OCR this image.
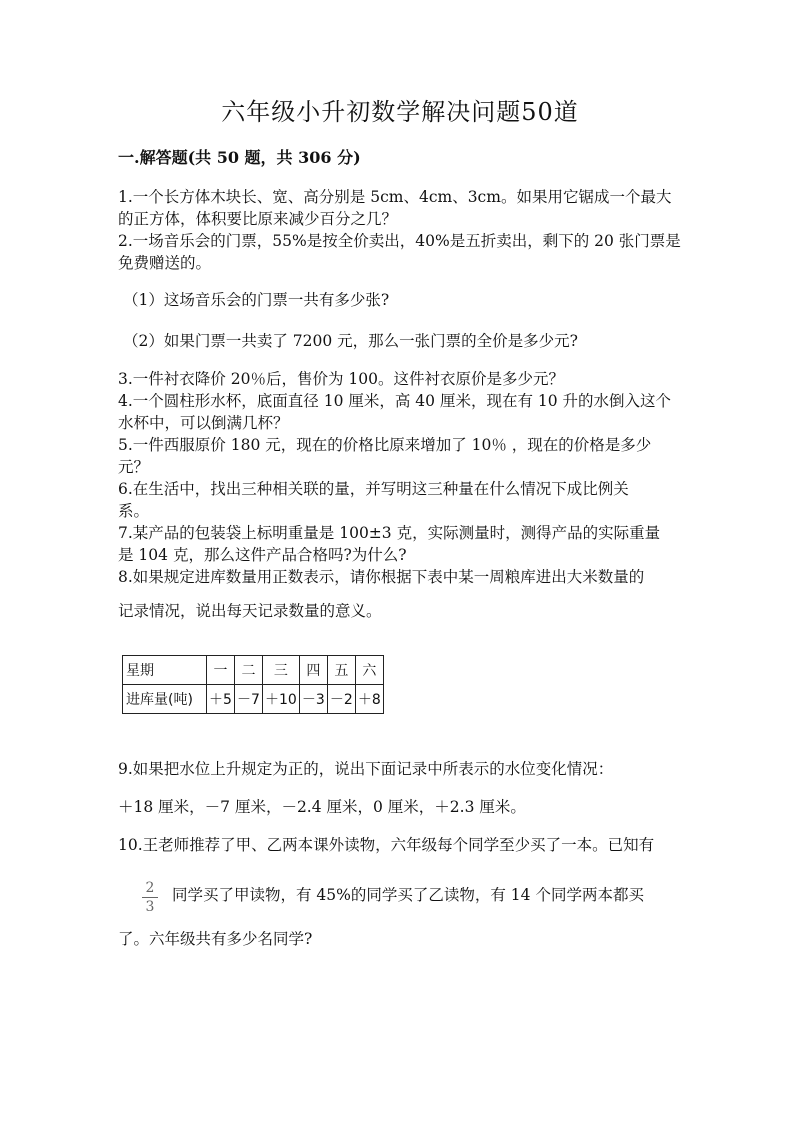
六年级小升初数学解决问题50道
一.解答题(共 50 题，共 306 分)
1.一个长方体木块长、宽、高分别是 5cm、4cm、3cm。如果用它锯成一个最大
的正方体，体积要比原来减少百分之几？
2.一场音乐会的门票，55%是按全价卖出，40%是五折卖出，剩下的 20 张门票是
免费赠送的。
（1）这场音乐会的门票一共有多少张?
（2）如果门票一共卖了 7200 元，那么一张门票的全价是多少元?
3.一件衬衣降价 20％后，售价为 100。这件衬衣原价是多少元？
4.一个圆柱形水杯，底面直径 10 厘米，高 40 厘米，现在有 10 升的水倒入这个
水杯中，可以倒满几杯？
5.一件西服原价 180 元，现在的价格比原来增加了 10％ ，现在的价格是多少
元？
6.在生活中，找出三种相关联的量，并写明这三种量在什么情况下成比例关
系。
7.某产品的包装袋上标明重量是 100±3 克，实际测量时，测得产品的实际重量
是 104 克，那么这件产品合格吗?为什么?
8.如果规定进库数量用正数表示，请你根据下表中某一周粮库进出大米数量的
记录情况，说出每天记录数量的意义。
星期	一	二	三	四	五	六
进库量(吨)	＋5	－7	＋10	－3	－2	＋8
9.如果把水位上升规定为正的，说出下面记录中所表示的水位变化情况：
＋18 厘米，－7 厘米，－2.4 厘米，0 厘米，＋2.3 厘米。
10.王老师推荐了甲、乙两本课外读物，六年级每个同学至少买了一本。已知有
2
3
同学买了甲读物，有 45%的同学买了乙读物，有 14 个同学两本都买
了。六年级共有多少名同学?
